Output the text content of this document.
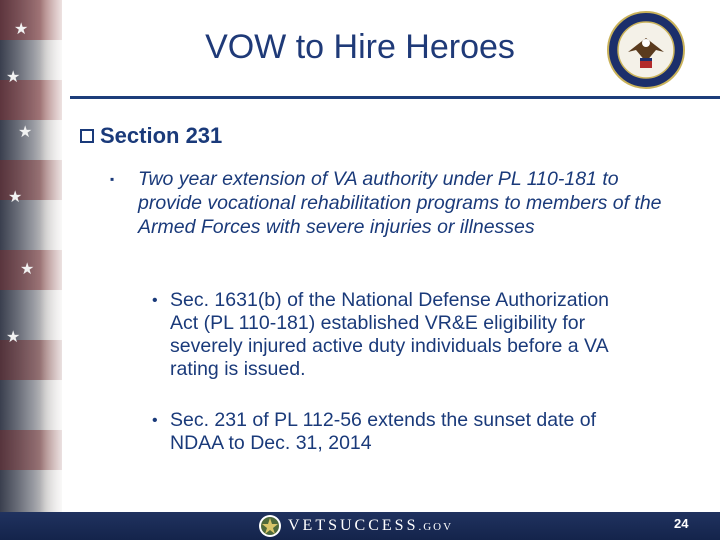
★
★
★
★
★
★
VOW to Hire Heroes
Section 231
▪ Two year extension of VA authority under PL 110-181 to provide vocational rehabilitation programs to members of the Armed Forces with severe injuries or illnesses
• Sec. 1631(b) of the National Defense Authorization Act (PL 110-181) established VR&E eligibility for severely injured active duty individuals before a VA rating is issued.
• Sec. 231 of PL 112-56 extends the sunset date of NDAA to Dec. 31, 2014
VETSUCCESS.GOV	24
